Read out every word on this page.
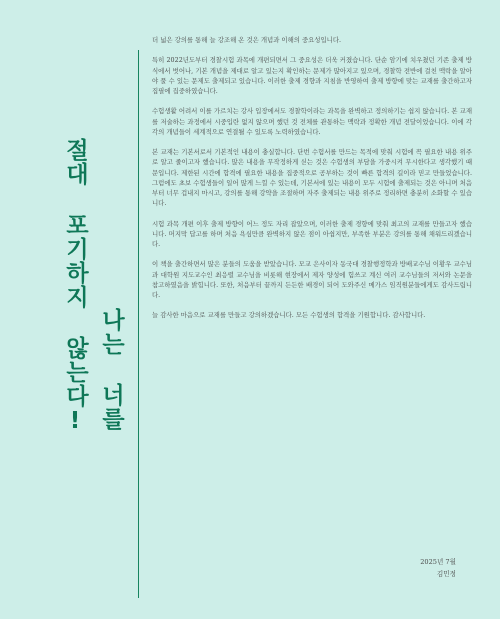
절대 포기하지 않는다! 나는 너를

더 넓은 강의를 통해 늘 강조해 온 것은 개념과 이해의 중요성입니다.

특히 2022년도부터 경찰시험 과목에 개편되면서 그 중요성은 더욱 커졌습니다. 단순 암기에 치우쳤던 기존 출제 방식에서 벗어나, 기본 개념을 제대로 알고 있는지 확인하는 문제가 많아지고 있으며, 경찰학 전반에 걸친 맥락을 알아야 풀 수 있는 문제도 출제되고 있습니다. 이러한 출제 경향과 지침을 반영하여 출제 방향에 맞는 교재를 출간하고자 집필에 집중하였습니다.

수험생활 어려서 이를 가르치는 강사 입장에서도 경찰학이라는 과목을 완벽하고 정의하기는 쉽지 않습니다. 본 교재를 저술하는 과정에서 시중입란 없지 않으며 했던 것 전체를 관통하는 맥락과 정확한 개념 전달이었습니다. 이에 각각의 개념들이 세계적으로 연결될 수 있도록 노력하였습니다.

본 교재는 기본서로서 기본적인 내용이 충실합니다. 단번 수험서를 만드는 목적에 맞춰 시험에 꼭 필요한 내용 위주로 알고 줄이고자 했습니다. 많은 내용을 무작정하게 싣는 것은 수험생의 부담을 가중시켜 무시한다고 생각했기 때문입니다. 제한된 시간에 합격에 필요한 내용을 집중적으로 공부하는 것이 빠른 합격의 길이라 믿고 만들었습니다. 그럼에도 초보 수험생들이 일어 많게 느낄 수 있는데, 기본서에 있는 내용이 모두 시험에 출제되는 것은 아니며 처음부터 너무 겁내지 마시고, 강의를 통해 강약을 조절하며 자주 출제되는 내용 위주로 정리하면 충분히 소화할 수 있습니다.

시험 과목 개편 이후 출제 방향이 어느 정도 자리 잡았으며, 이러한 출제 경향에 맞춰 최고의 교재를 만들고자 했습니다. 머지막 답고를 하며 처음 욕심만큼 완벽하지 않은 점이 아쉽지만, 부족한 부분은 강의를 통해 채워드리겠습니다.

이 책을 출간하면서 많은 분들의 도움을 받았습니다. 모교 은사이자 동국대 경찰행정학과 방배교수님 이황우 교수님과 대학원 지도교수인 최응렬 교수님을 비롯해 현장에서 제자 양성에 힘쓰고 계신 여러 교수님들의 저서와 논문을 참고하였음을 밝힙니다. 또한, 처음부터 끝까지 든든한 배경이 되어 도와주신 메가스 임직원분들에게도 감사드립니다.

늘 감사한 마음으로 교재를 만들고 강의하겠습니다. 모든 수험생의 합격을 기원합니다. 감사합니다.

2025년 7월
김민정
